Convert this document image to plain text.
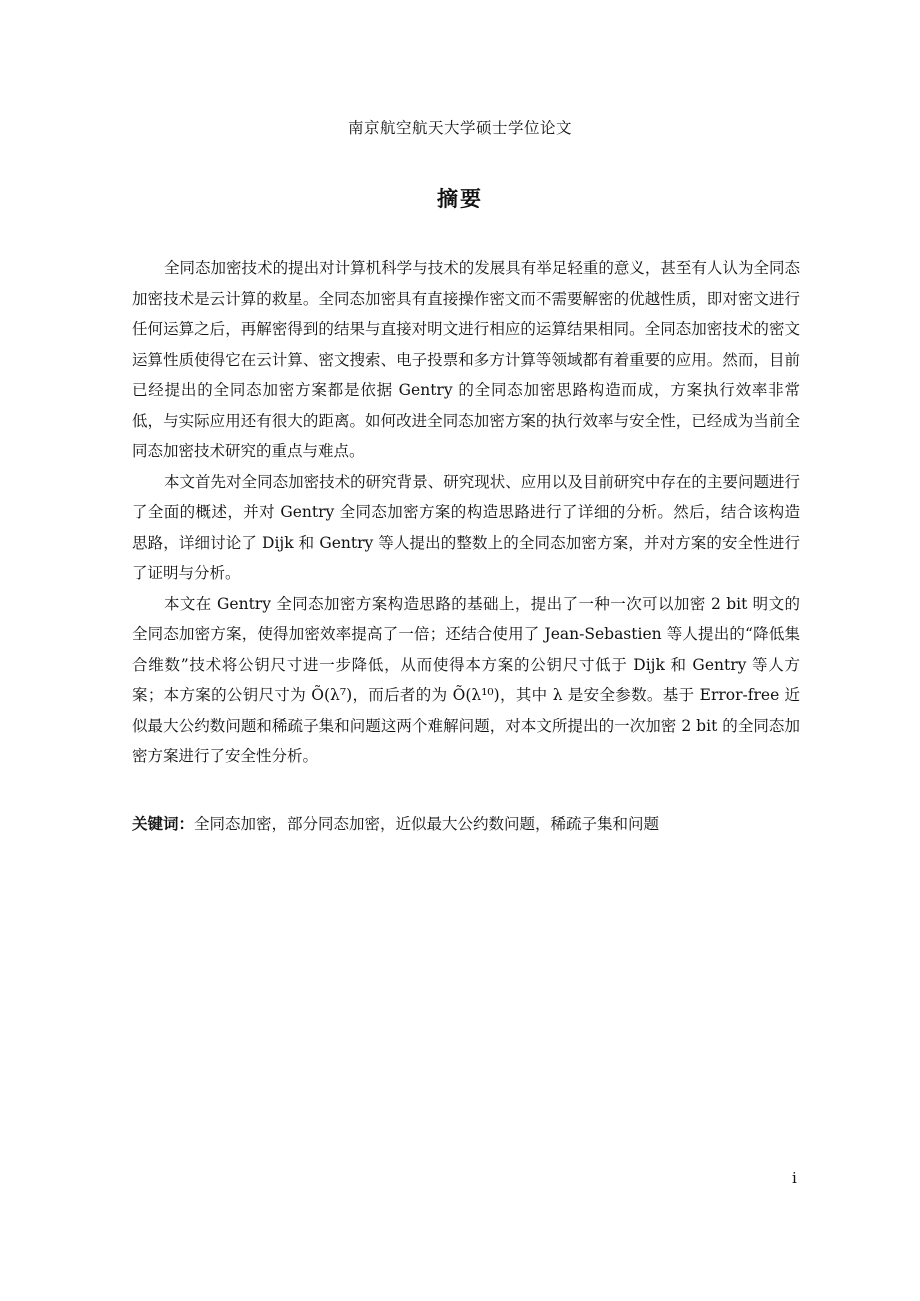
南京航空航天大学硕士学位论文
摘要

全同态加密技术的提出对计算机科学与技术的发展具有举足轻重的意义，甚至有人认为全同态加密技术是云计算的救星。全同态加密具有直接操作密文而不需要解密的优越性质，即对密文进行任何运算之后，再解密得到的结果与直接对明文进行相应的运算结果相同。全同态加密技术的密文运算性质使得它在云计算、密文搜索、电子投票和多方计算等领域都有着重要的应用。然而，目前已经提出的全同态加密方案都是依据 Gentry 的全同态加密思路构造而成，方案执行效率非常低，与实际应用还有很大的距离。如何改进全同态加密方案的执行效率与安全性，已经成为当前全同态加密技术研究的重点与难点。

本文首先对全同态加密技术的研究背景、研究现状、应用以及目前研究中存在的主要问题进行了全面的概述，并对 Gentry 全同态加密方案的构造思路进行了详细的分析。然后，结合该构造思路，详细讨论了 Dijk 和 Gentry 等人提出的整数上的全同态加密方案，并对方案的安全性进行了证明与分析。

本文在 Gentry 全同态加密方案构造思路的基础上，提出了一种一次可以加密 2 bit 明文的全同态加密方案，使得加密效率提高了一倍；还结合使用了 Jean-Sebastien 等人提出的“降低集合维数”技术将公钥尺寸进一步降低，从而使得本方案的公钥尺寸低于 Dijk 和 Gentry 等人方案；本方案的公钥尺寸为 Õ(λ⁷)，而后者的为 Õ(λ¹⁰)，其中 λ 是安全参数。基于 Error-free 近似最大公约数问题和稀疏子集和问题这两个难解问题，对本文所提出的一次加密 2 bit 的全同态加密方案进行了安全性分析。

关键词：全同态加密，部分同态加密，近似最大公约数问题，稀疏子集和问题
i
